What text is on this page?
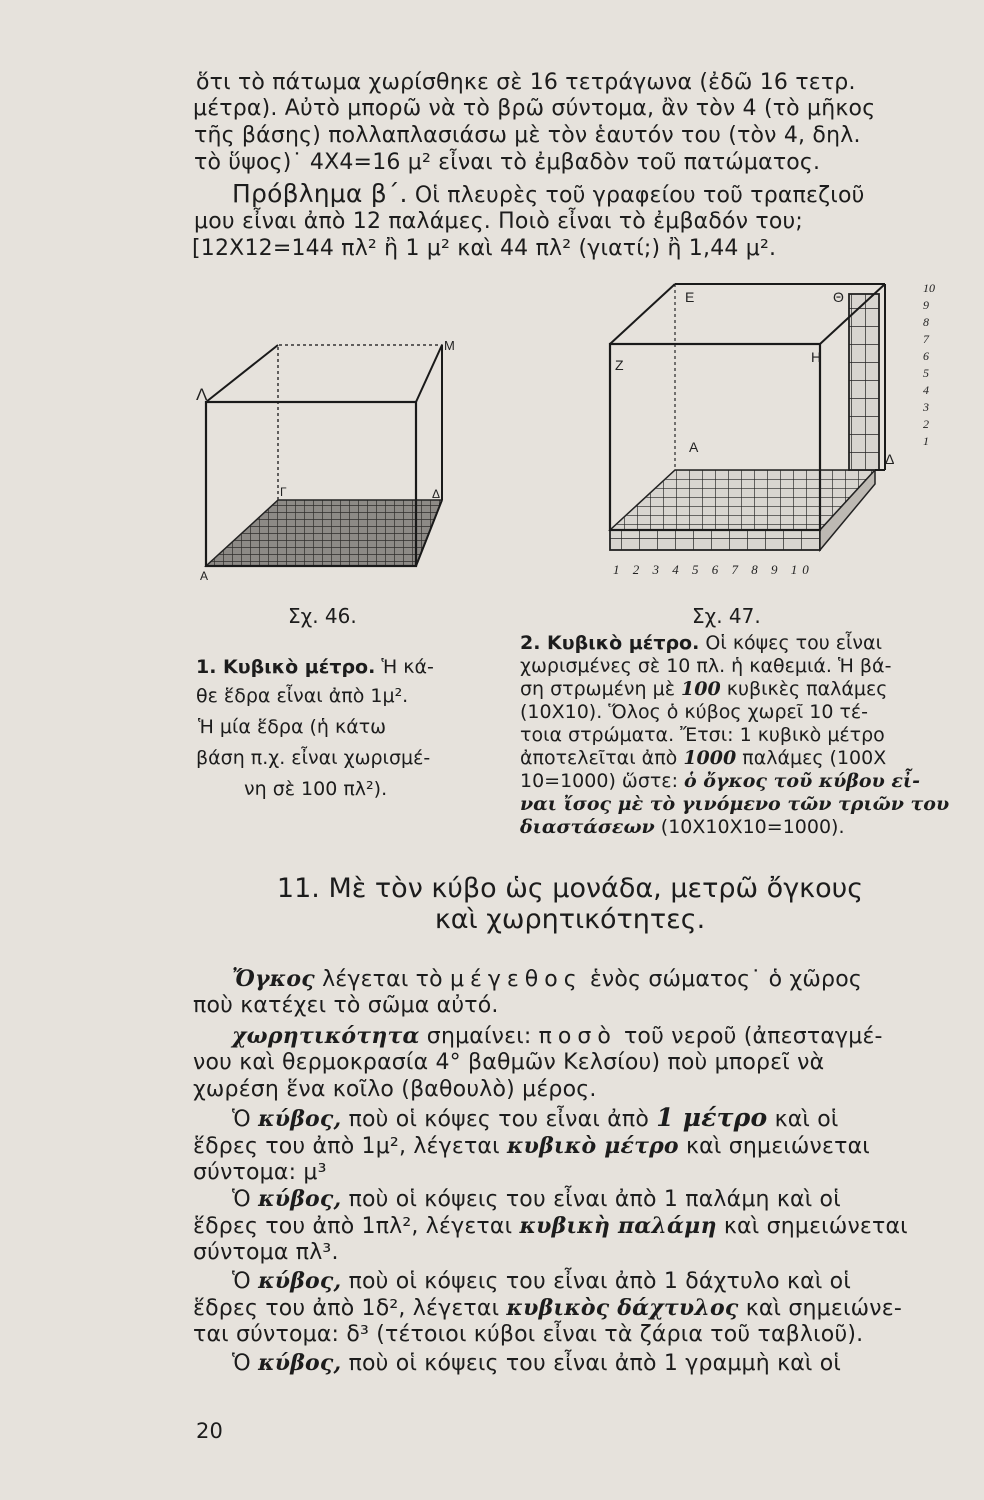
ὅτι τὸ πάτωμα χωρίσθηκε σὲ 16 τετράγωνα (ἐδῶ 16 τετρ.
μέτρα). Αὐτὸ μπορῶ νὰ τὸ βρῶ σύντομα, ἂν τὸν 4 (τὸ μῆκος
τῆς βάσης) πολλαπλασιάσω μὲ τὸν ἑαυτόν του (τὸν 4, δηλ.
τὸ ὕψος)˙ 4Χ4=16 μ² εἶναι τὸ ἐμβαδὸν τοῦ πατώματος.
Πρόβλημα β΄. Οἱ πλευρὲς τοῦ γραφείου τοῦ τραπεζιοῦ
μου εἶναι ἀπὸ 12 παλάμες. Ποιὸ εἶναι τὸ ἐμβαδόν του;
[12Χ12=144 πλ² ἢ 1 μ² καὶ 44 πλ² (γιατί;) ἢ 1,44 μ².
Λ
Μ
Α
Γ	Δ
Ε	Θ
Ζ	Η
Α
Δ
1 2 3 4 5 6 7 8 9 10
10
9
8
7
6
5
4
3
2
1
Σχ. 46.	Σχ. 47.
1. Κυβικὸ μέτρο. Ἡ κά-
θε ἕδρα εἶναι ἀπὸ 1μ².
Ἡ μία ἕδρα (ἡ κάτω
βάση π.χ. εἶναι χωρισμέ-
νη σὲ 100 πλ²).
2. Κυβικὸ μέτρο. Οἱ κόψες του εἶναι
χωρισμένες σὲ 10 πλ. ἡ καθεμιά. Ἡ βά-
ση στρωμένη μὲ 100 κυβικὲς παλάμες
(10Χ10). Ὅλος ὁ κύβος χωρεῖ 10 τέ-
τοια στρώματα. Ἔτσι: 1 κυβικὸ μέτρο
ἀποτελεῖται ἀπὸ 1000 παλάμες (100Χ
10=1000) ὥστε: ὁ ὄγκος τοῦ κύβου εἶ-
ναι ἴσος μὲ τὸ γινόμενο τῶν τριῶν του
διαστάσεων (10Χ10Χ10=1000).
11. Μὲ τὸν κύβο ὡς μονάδα, μετρῶ ὄγκους
καὶ χωρητικότητες.
Ὄγκος λέγεται τὸ μέγεθος ἑνὸς σώματος˙ ὁ χῶρος
ποὺ κατέχει τὸ σῶμα αὐτό.
χωρητικότητα σημαίνει: ποσὸ τοῦ νεροῦ (ἀπεσταγμέ-
νου καὶ θερμοκρασία 4° βαθμῶν Κελσίου) ποὺ μπορεῖ νὰ
χωρέση ἕνα κοῖλο (βαθουλὸ) μέρος.
Ὁ κύβος, ποὺ οἱ κόψες του εἶναι ἀπὸ 1 μέτρο καὶ οἱ
ἕδρες του ἀπὸ 1μ², λέγεται κυβικὸ μέτρο καὶ σημειώνεται
σύντομα: μ³
Ὁ κύβος, ποὺ οἱ κόψεις του εἶναι ἀπὸ 1 παλάμη καὶ οἱ
ἕδρες του ἀπὸ 1πλ², λέγεται κυβικὴ παλάμη καὶ σημειώνεται
σύντομα πλ³.
Ὁ κύβος, ποὺ οἱ κόψεις του εἶναι ἀπὸ 1 δάχτυλο καὶ οἱ
ἕδρες του ἀπὸ 1δ², λέγεται κυβικὸς δάχτυλος καὶ σημειώνε-
ται σύντομα: δ³ (τέτοιοι κύβοι εἶναι τὰ ζάρια τοῦ ταβλιοῦ).
Ὁ κύβος, ποὺ οἱ κόψεις του εἶναι ἀπὸ 1 γραμμὴ καὶ οἱ
20
